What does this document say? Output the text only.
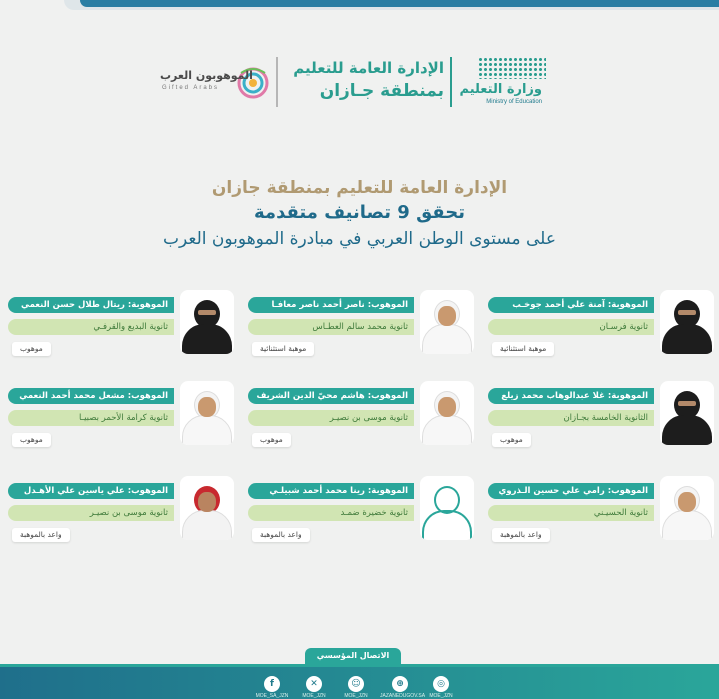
وزارة التعليم
Ministry of Education
الإدارة العامة للتعليم
بمنطقة جـازان
الموهوبون العرب
Gifted Arabs
الإدارة العامة للتعليم بمنطقة جازان
تحقق 9 تصانيف متقدمة
على مستوى الوطن العربي في مبادرة الموهوبون العرب
الموهوبة: آمنة علي أحمد جوخـب
ثانوية فرسـان
موهبة استثنائية
الموهوب: ناصر أحمد ناصر معافـا
ثانوية محمد سالم العطـاس
موهبة استثنائية
الموهوبة: ريتال طلال حسن النعمي
ثانوية البديع والقرفـي
موهوب
الموهوبة: غلا عبدالوهاب محمد زيلع
الثانوية الخامسة بجـازان
موهوب
الموهوب: هاشم محيّ الدين الشريف
ثانوية موسى بن نصيـر
موهوب
الموهوب: مشعل محمد أحمد النعمي
ثانوية كرامة الأحمر بصبيـا
موهوب
الموهوب: رامي علي حسين الـذروي
ثانوية الحسيـني
واعد بالموهبة
الموهوبة: رينا محمد أحمد شبيلـي
ثانوية خضيرة ضمـد
واعد بالموهبة
الموهوب: علي ياسين علي الأهـدل
ثانوية موسى بن نصيـر
واعد بالموهبة
الاتصال المؤسسي
◎
MOE_JZN
⊕
JAZANEDUGOV.SA
☺
MOE_JZN
✕
MOE_JZN
f
MOE_SA_JZN
